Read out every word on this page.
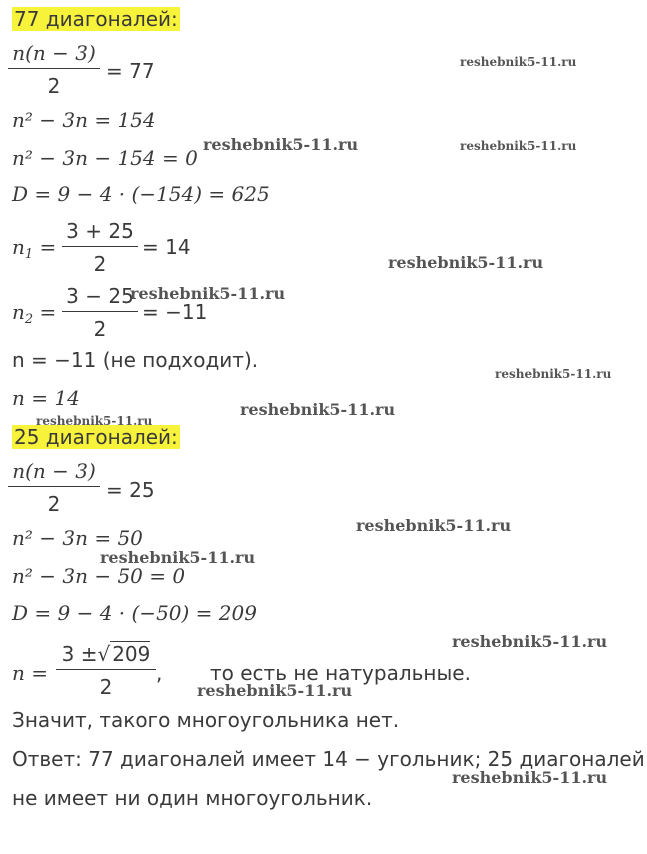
77 диагоналей:
n(n − 3)
2
= 77
n² − 3n = 154
n² − 3n − 154 = 0
D = 9 − 4 · (−154) = 625
$n_1$ =
3 + 25
2
= 14
$n_2$ =
3 − 25
2
= −11
n = −11 (не подходит).
n = 14
25 диагоналей:
n(n − 3)
2
= 25
n² − 3n = 50
n² − 3n − 50 = 0
D = 9 − 4 · (−50) = 209
n =
3 ±√ 209
2
, то есть не натуральные.
Значит, такого многоугольника нет.
Ответ: 77 диагоналей имеет 14 − угольник; 25 диагоналей
не имеет ни один многоугольник.
reshebnik5-11.ru
reshebnik5-11.ru	reshebnik5-11.ru
reshebnik5-11.ru
reshebnik5-11.ru
reshebnik5-11.ru
reshebnik5-11.ru
reshebnik5-11.ru
reshebnik5-11.ru
reshebnik5-11.ru
reshebnik5-11.ru
reshebnik5-11.ru
reshebnik5-11.ru
